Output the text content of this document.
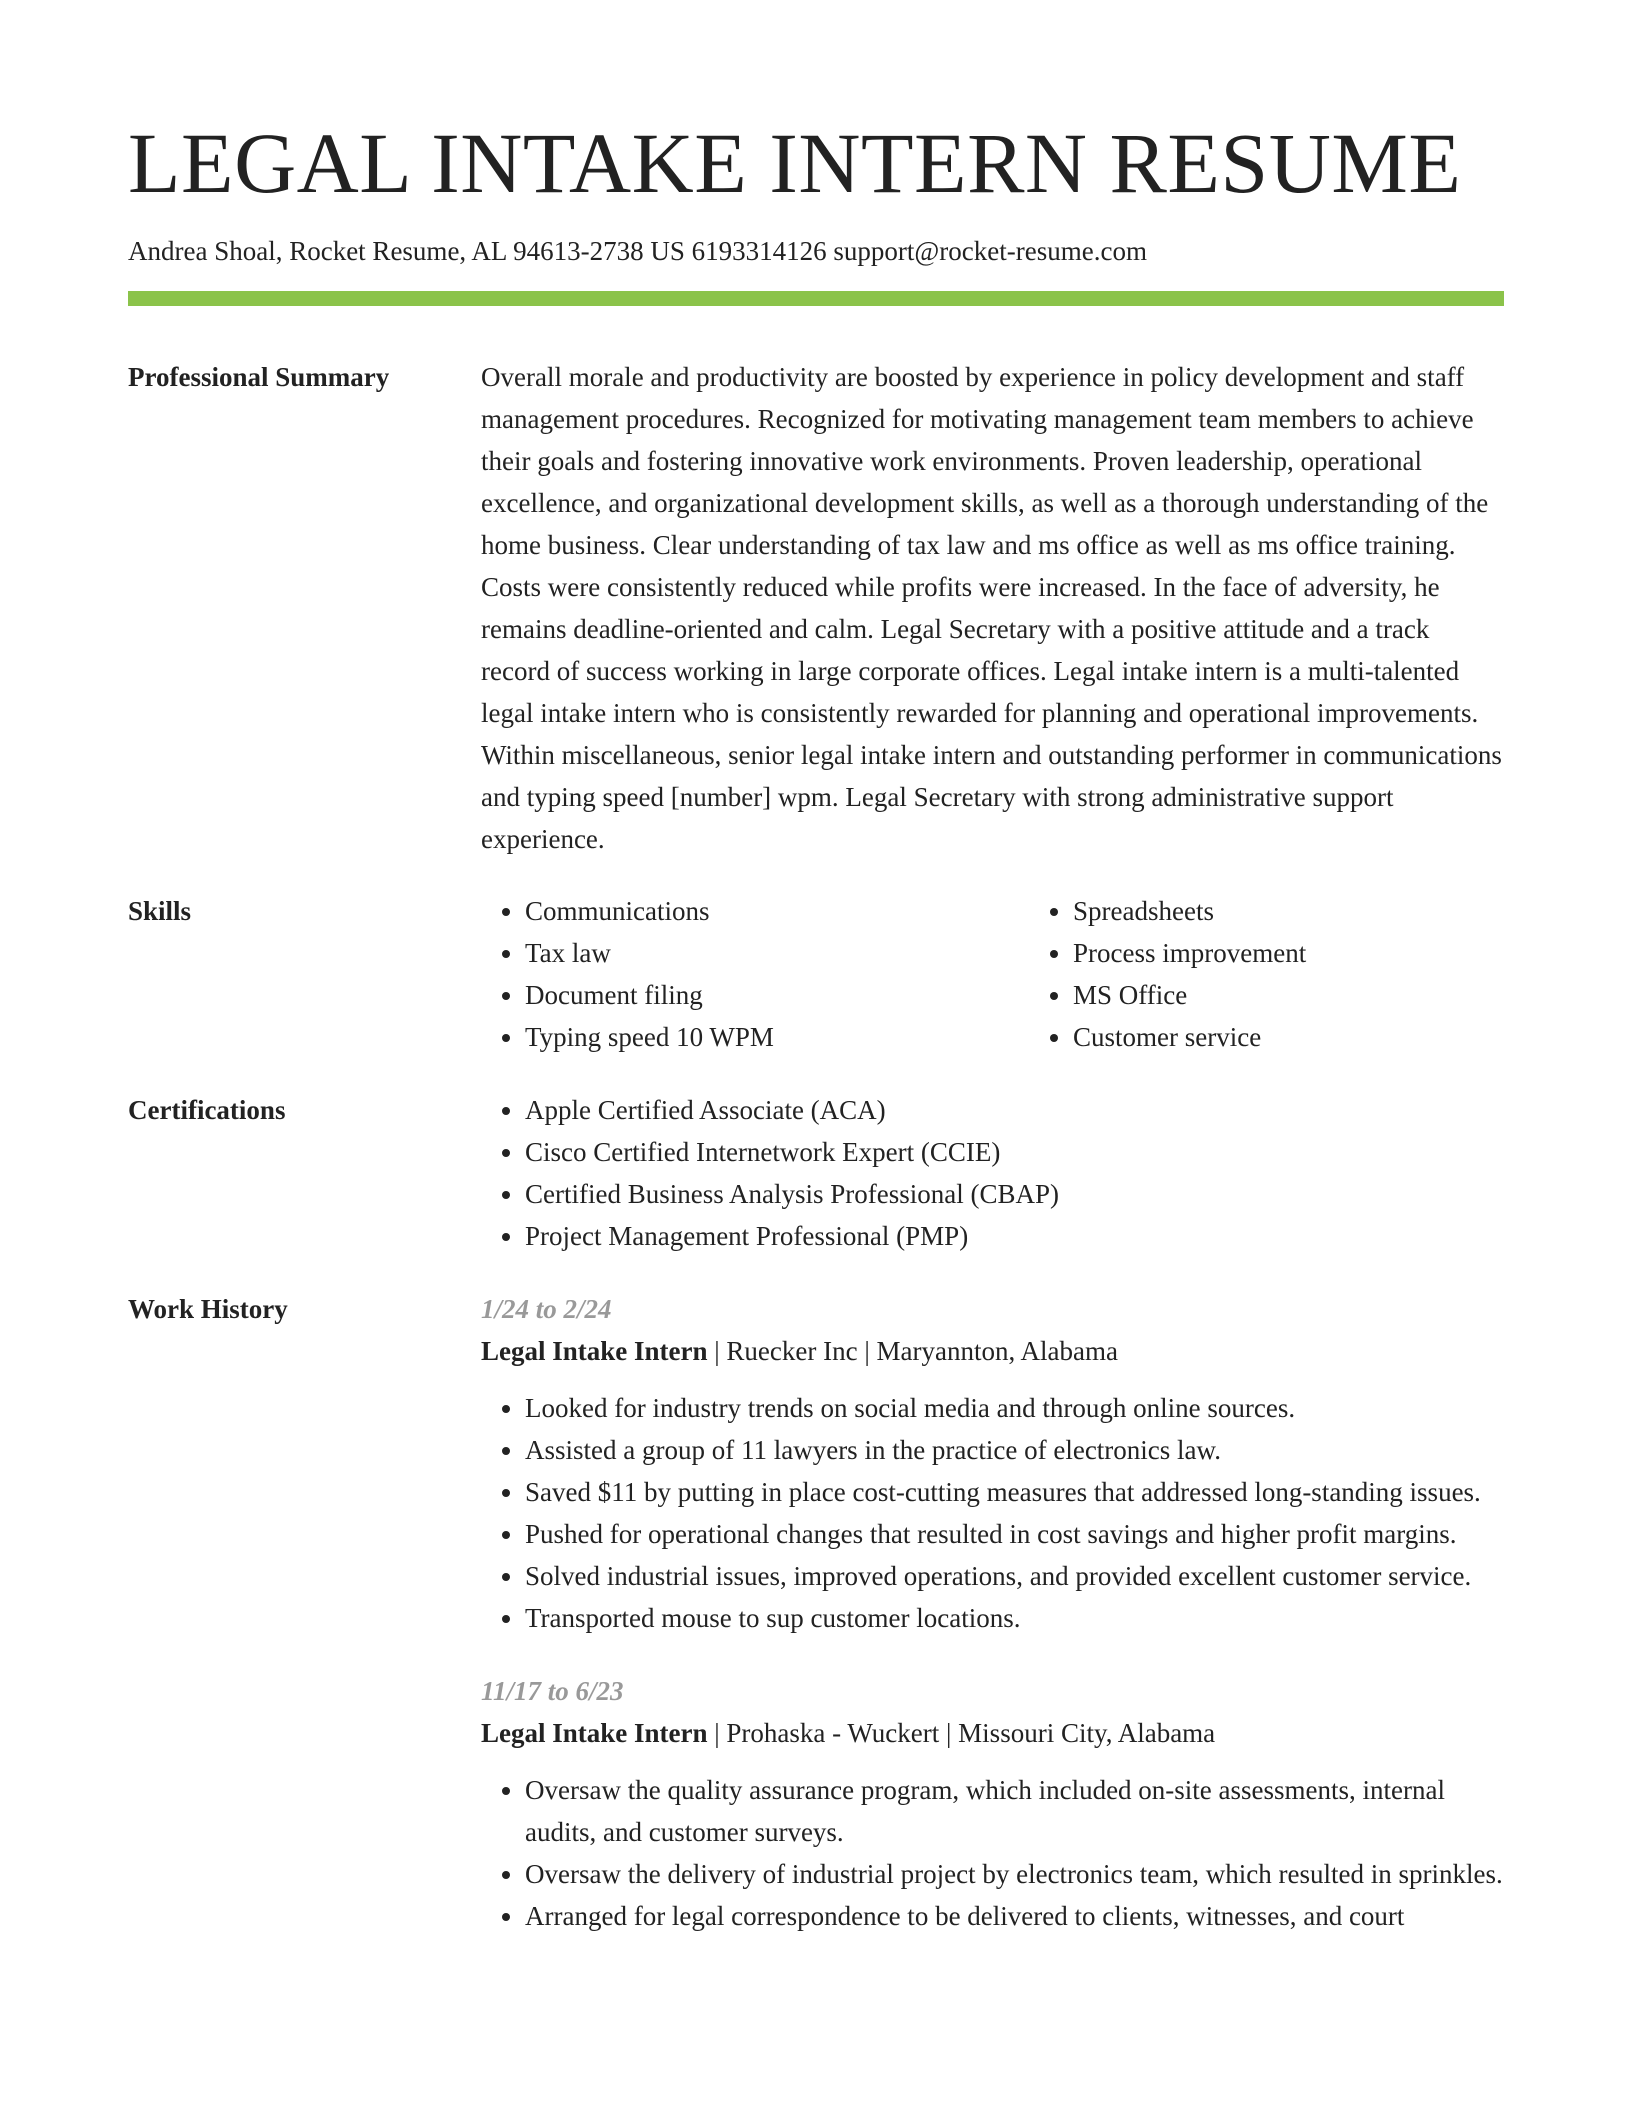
LEGAL INTAKE INTERN RESUME
Andrea Shoal, Rocket Resume, AL 94613-2738 US 6193314126 support@rocket-resume.com
Professional Summary	Overall morale and productivity are boosted by experience in policy development and staff management procedures. Recognized for motivating management team members to achieve their goals and fostering innovative work environments. Proven leadership, operational excellence, and organizational development skills, as well as a thorough understanding of the home business. Clear understanding of tax law and ms office as well as ms office training. Costs were consistently reduced while profits were increased. In the face of adversity, he remains deadline-oriented and calm. Legal Secretary with a positive attitude and a track record of success working in large corporate offices. Legal intake intern is a multi-talented legal intake intern who is consistently rewarded for planning and operational improvements. Within miscellaneous, senior legal intake intern and outstanding performer in communications and typing speed [number] wpm. Legal Secretary with strong administrative support experience.
Skills	• Communications
• Tax law
• Document filing
• Typing speed 10 WPM
• Spreadsheets
• Process improvement
• MS Office
• Customer service
Certifications	• Apple Certified Associate (ACA)
• Cisco Certified Internetwork Expert (CCIE)
• Certified Business Analysis Professional (CBAP)
• Project Management Professional (PMP)
Work History	1/24 to 2/24
Legal Intake Intern | Ruecker Inc | Maryannton, Alabama
• Looked for industry trends on social media and through online sources.
• Assisted a group of 11 lawyers in the practice of electronics law.
• Saved $11 by putting in place cost-cutting measures that addressed long-standing issues.
• Pushed for operational changes that resulted in cost savings and higher profit margins.
• Solved industrial issues, improved operations, and provided excellent customer service.
• Transported mouse to sup customer locations.
11/17 to 6/23
Legal Intake Intern | Prohaska - Wuckert | Missouri City, Alabama
• Oversaw the quality assurance program, which included on-site assessments, internal audits, and customer surveys.
• Oversaw the delivery of industrial project by electronics team, which resulted in sprinkles.
• Arranged for legal correspondence to be delivered to clients, witnesses, and court
